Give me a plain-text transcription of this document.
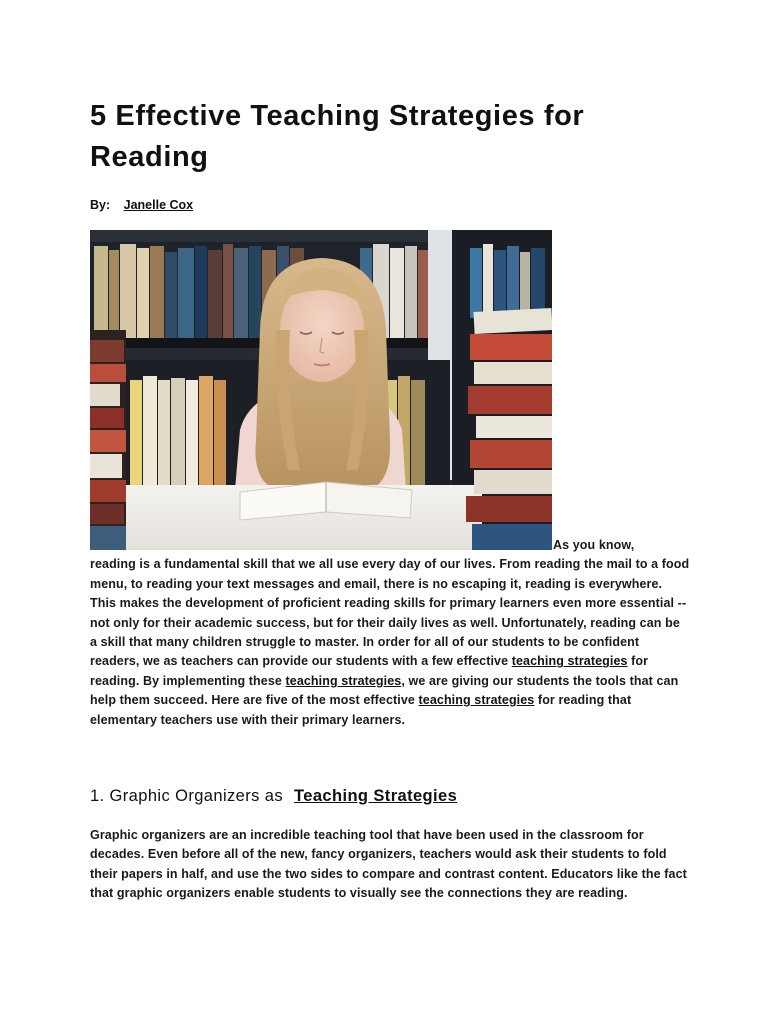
5 Effective Teaching Strategies for Reading
By: Janelle Cox

As you know,
reading is a fundamental skill that we all use every day of our lives. From reading the mail to a food menu, to reading your text messages and email, there is no escaping it, reading is everywhere. This makes the development of proficient reading skills for primary learners even more essential -- not only for their academic success, but for their daily lives as well. Unfortunately, reading can be a skill that many children struggle to master. In order for all of our students to be confident readers, we as teachers can provide our students with a few effective teaching strategies for reading. By implementing these teaching strategies, we are giving our students the tools that can help them succeed. Here are five of the most effective teaching strategies for reading that elementary teachers use with their primary learners.

1. Graphic Organizers as Teaching Strategies

Graphic organizers are an incredible teaching tool that have been used in the classroom for decades. Even before all of the new, fancy organizers, teachers would ask their students to fold their papers in half, and use the two sides to compare and contrast content. Educators like the fact that graphic organizers enable students to visually see the connections they are reading.
